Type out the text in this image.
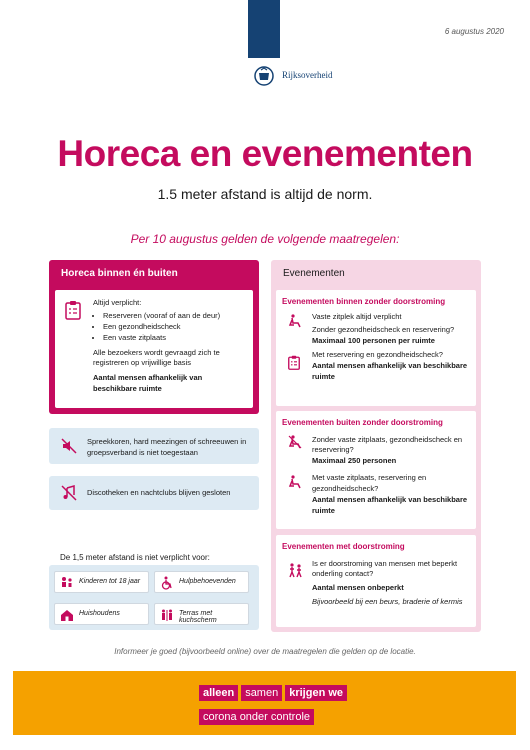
Rijksoverheid
6 augustus 2020
Horeca en evenementen
1.5 meter afstand is altijd de norm.
Per 10 augustus gelden de volgende maatregelen:
Horeca binnen én buiten

Altijd verplicht:

• Reserveren (vooraf of aan de deur)
• Een gezondheidscheck
• Een vaste zitplaats

Alle bezoekers wordt gevraagd zich te registreren op vrijwillige basis

Aantal mensen afhankelijk van beschikbare ruimte

Spreekkoren, hard meezingen of schreeuwen in groepsverband is niet toegestaan
Discotheken en nachtclubs blijven gesloten
De 1,5 meter afstand is niet verplicht voor:
Kinderen tot 18 jaar	Hulpbehoevenden
Huishoudens	Terras met kuchscherm
Evenementen
Evenementen binnen zonder doorstroming
Vaste zitplek altijd verplicht
Zonder gezondheidscheck en reservering?
Maximaal 100 personen per ruimte
Met reservering en gezondheidscheck?
Aantal mensen afhankelijk van beschikbare ruimte
Evenementen buiten zonder doorstroming
Zonder vaste zitplaats, gezondheidscheck en reservering?
Maximaal 250 personen
Met vaste zitplaats, reservering en gezondheidscheck?
Aantal mensen afhankelijk van beschikbare ruimte
Evenementen met doorstroming
Is er doorstroming van mensen met beperkt onderling contact?
Aantal mensen onbeperkt
Bijvoorbeeld bij een beurs, braderie of kermis
Informeer je goed (bijvoorbeeld online) over de maatregelen die gelden op de locatie.
alleen	samen	krijgen we
corona onder controle
